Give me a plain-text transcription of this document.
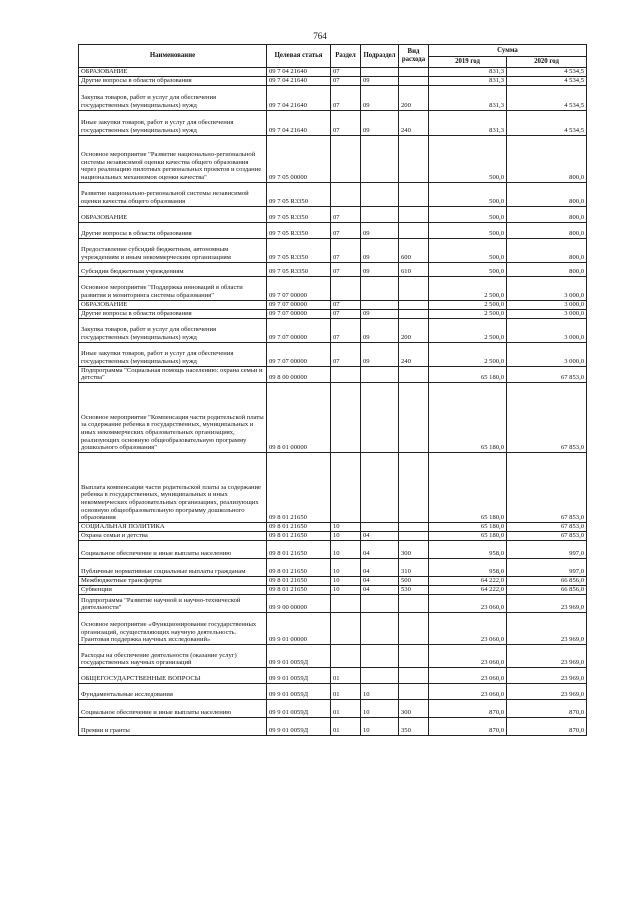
764
Наименование	Целевая статья	Раздел	Подраздел	Вид расхода	Сумма	
					2019 год	2020 год
ОБРАЗОВАНИЕ	09 7 04 21640	07			831,3	4 534,5
Другие вопросы в области образования	09 7 04 21640	07	09		831,3	4 534,5
Закупка товаров, работ и услуг для обеспечения государственных (муниципальных) нужд	09 7 04 21640	07	09	200	831,3	4 534,5
Иные закупки товаров, работ и услуг для обеспечения государственных (муниципальных) нужд	09 7 04 21640	07	09	240	831,3	4 534,5
Основное мероприятие "Развитие национально-региональной системы независимой оценки качества общего образования через реализацию пилотных региональных проектов и создание национальных механизмов оценки качества"	09 7 05 00000				500,0	800,0
Развитие национально-региональной системы независимой оценки качества общего образования	09 7 05 R3350				500,0	800,0
ОБРАЗОВАНИЕ	09 7 05 R3350	07			500,0	800,0
Другие вопросы в области образования	09 7 05 R3350	07	09		500,0	800,0
Предоставление субсидий бюджетным, автономным учреждениям и иным некоммерческим организациям	09 7 05 R3350	07	09	600	500,0	800,0
Субсидии бюджетным учреждениям	09 7 05 R3350	07	09	610	500,0	800,0
Основное мероприятие "Поддержка инноваций в области развития и мониторинга системы образования"	09 7 07 00000				2 500,0	3 000,0
ОБРАЗОВАНИЕ	09 7 07 00000	07			2 500,0	3 000,0
Другие вопросы в области образования	09 7 07 00000	07	09		2 500,0	3 000,0
Закупка товаров, работ и услуг для обеспечения государственных (муниципальных) нужд	09 7 07 00000	07	09	200	2 500,0	3 000,0
Иные закупки товаров, работ и услуг для обеспечения государственных (муниципальных) нужд	09 7 07 00000	07	09	240	2 500,0	3 000,0
Подпрограмма "Социальная помощь населению: охрана семьи и детства"	09 8 00 00000				65 180,0	67 853,0
Основное мероприятие "Компенсация части родительской платы за содержание ребенка в государственных, муниципальных и иных некоммерческих образовательных организациях, реализующих основную общеобразовательную программу дошкольного образования"	09 8 01 00000				65 180,0	67 853,0
Выплата компенсации части родительской платы за содержание ребенка в государственных, муниципальных и иных некоммерческих образовательных организациях, реализующих основную общеобразовательную программу дошкольного образования	09 8 01 21650				65 180,0	67 853,0
СОЦИАЛЬНАЯ ПОЛИТИКА	09 8 01 21650	10			65 180,0	67 853,0
Охрана семьи и детства	09 8 01 21650	10	04		65 180,0	67 853,0
Социальное обеспечение и иные выплаты населению	09 8 01 21650	10	04	300	958,0	997,0
Публичные нормативные социальные выплаты гражданам	09 8 01 21650	10	04	310	958,0	997,0
Межбюджетные трансферты	09 8 01 21650	10	04	500	64 222,0	66 856,0
Субвенции	09 8 01 21650	10	04	530	64 222,0	66 856,0
Подпрограмма "Развитие научной и научно-технической деятельности"	09 9 00 00000				23 060,0	23 969,0
Основное мероприятие «Функционирование государственных организаций, осуществляющих научную деятельность. Грантовая поддержка научных исследований»	09 9 01 00000				23 060,0	23 969,0
Расходы на обеспечение деятельности (оказание услуг) государственных научных организаций	09 9 01 0059Д				23 060,0	23 969,0
ОБЩЕГОСУДАРСТВЕННЫЕ ВОПРОСЫ	09 9 01 0059Д	01			23 060,0	23 969,0
Фундаментальные исследования	09 9 01 0059Д	01	10		23 060,0	23 969,0
Социальное обеспечение и иные выплаты населению	09 9 01 0059Д	01	10	300	870,0	870,0
Премии и гранты	09 9 01 0059Д	01	10	350	870,0	870,0
